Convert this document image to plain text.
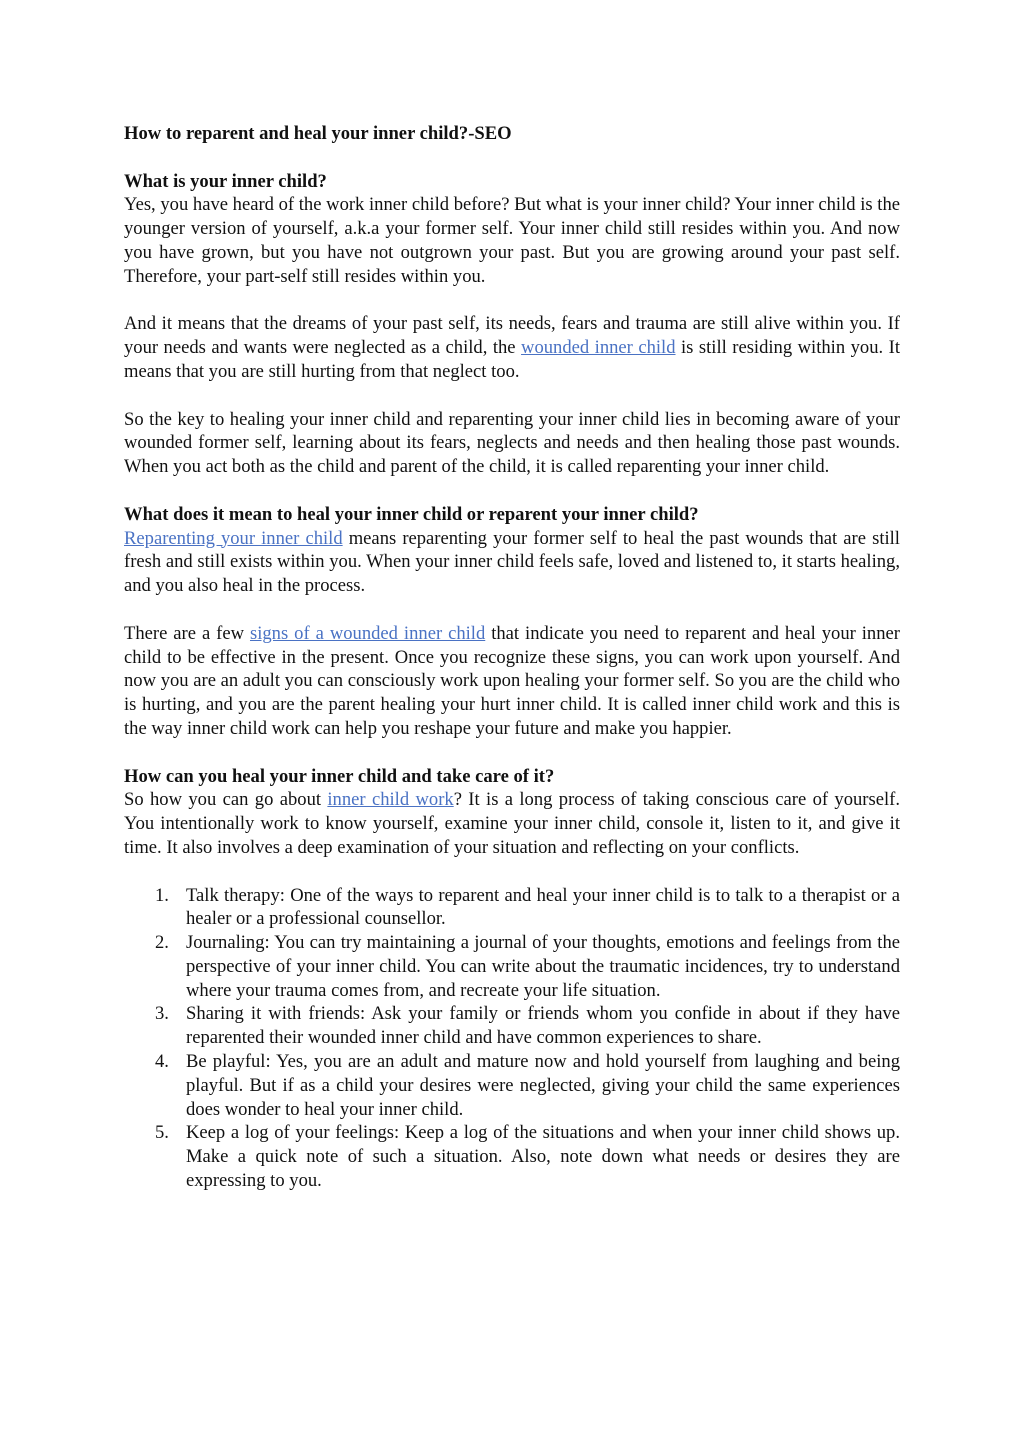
How to reparent and heal your inner child?-SEO
What is your inner child?

Yes, you have heard of the work inner child before? But what is your inner child? Your inner child is the younger version of yourself, a.k.a your former self. Your inner child still resides within you. And now you have grown, but you have not outgrown your past. But you are growing around your past self. Therefore, your part-self still resides within you.

And it means that the dreams of your past self, its needs, fears and trauma are still alive within you. If your needs and wants were neglected as a child, the wounded inner child is still residing within you. It means that you are still hurting from that neglect too.

So the key to healing your inner child and reparenting your inner child lies in becoming aware of your wounded former self, learning about its fears, neglects and needs and then healing those past wounds. When you act both as the child and parent of the child, it is called reparenting your inner child.

What does it mean to heal your inner child or reparent your inner child?

Reparenting your inner child means reparenting your former self to heal the past wounds that are still fresh and still exists within you. When your inner child feels safe, loved and listened to, it starts healing, and you also heal in the process.

There are a few signs of a wounded inner child that indicate you need to reparent and heal your inner child to be effective in the present. Once you recognize these signs, you can work upon yourself. And now you are an adult you can consciously work upon healing your former self. So you are the child who is hurting, and you are the parent healing your hurt inner child. It is called inner child work and this is the way inner child work can help you reshape your future and make you happier.

How can you heal your inner child and take care of it?

So how you can go about inner child work? It is a long process of taking conscious care of yourself. You intentionally work to know yourself, examine your inner child, console it, listen to it, and give it time. It also involves a deep examination of your situation and reflecting on your conflicts.

1. Talk therapy: One of the ways to reparent and heal your inner child is to talk to a therapist or a healer or a professional counsellor.
2. Journaling: You can try maintaining a journal of your thoughts, emotions and feelings from the perspective of your inner child. You can write about the traumatic incidences, try to understand where your trauma comes from, and recreate your life situation.
3. Sharing it with friends: Ask your family or friends whom you confide in about if they have reparented their wounded inner child and have common experiences to share.
4. Be playful: Yes, you are an adult and mature now and hold yourself from laughing and being playful. But if as a child your desires were neglected, giving your child the same experiences does wonder to heal your inner child.
5. Keep a log of your feelings: Keep a log of the situations and when your inner child shows up. Make a quick note of such a situation. Also, note down what needs or desires they are expressing to you.
